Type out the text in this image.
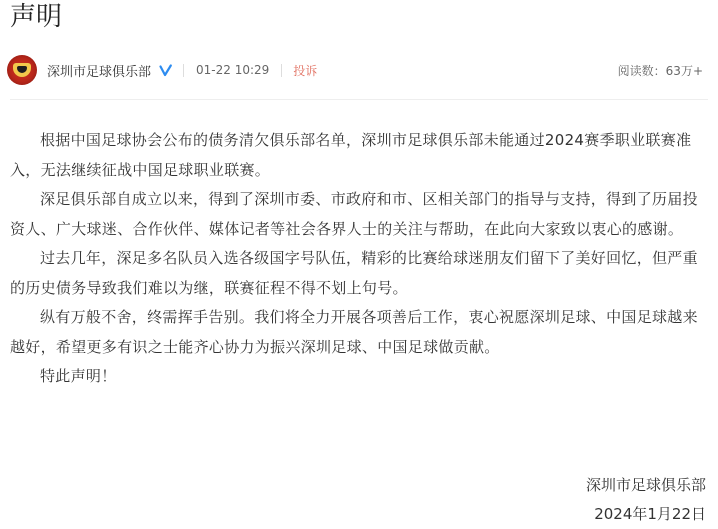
声明
深圳市足球俱乐部	01-22 10:29 投诉	阅读数：63万+

根据中国足球协会公布的债务清欠俱乐部名单，深圳市足球俱乐部未能通过2024赛季职业联赛准入，无法继续征战中国足球职业联赛。

深足俱乐部自成立以来，得到了深圳市委、市政府和市、区相关部门的指导与支持，得到了历届投资人、广大球迷、合作伙伴、媒体记者等社会各界人士的关注与帮助，在此向大家致以衷心的感谢。

过去几年，深足多名队员入选各级国字号队伍，精彩的比赛给球迷朋友们留下了美好回忆，但严重的历史债务导致我们难以为继，联赛征程不得不划上句号。

纵有万般不舍，终需挥手告别。我们将全力开展各项善后工作，衷心祝愿深圳足球、中国足球越来越好，希望更多有识之士能齐心协力为振兴深圳足球、中国足球做贡献。

特此声明！

深圳市足球俱乐部
2024年1月22日
